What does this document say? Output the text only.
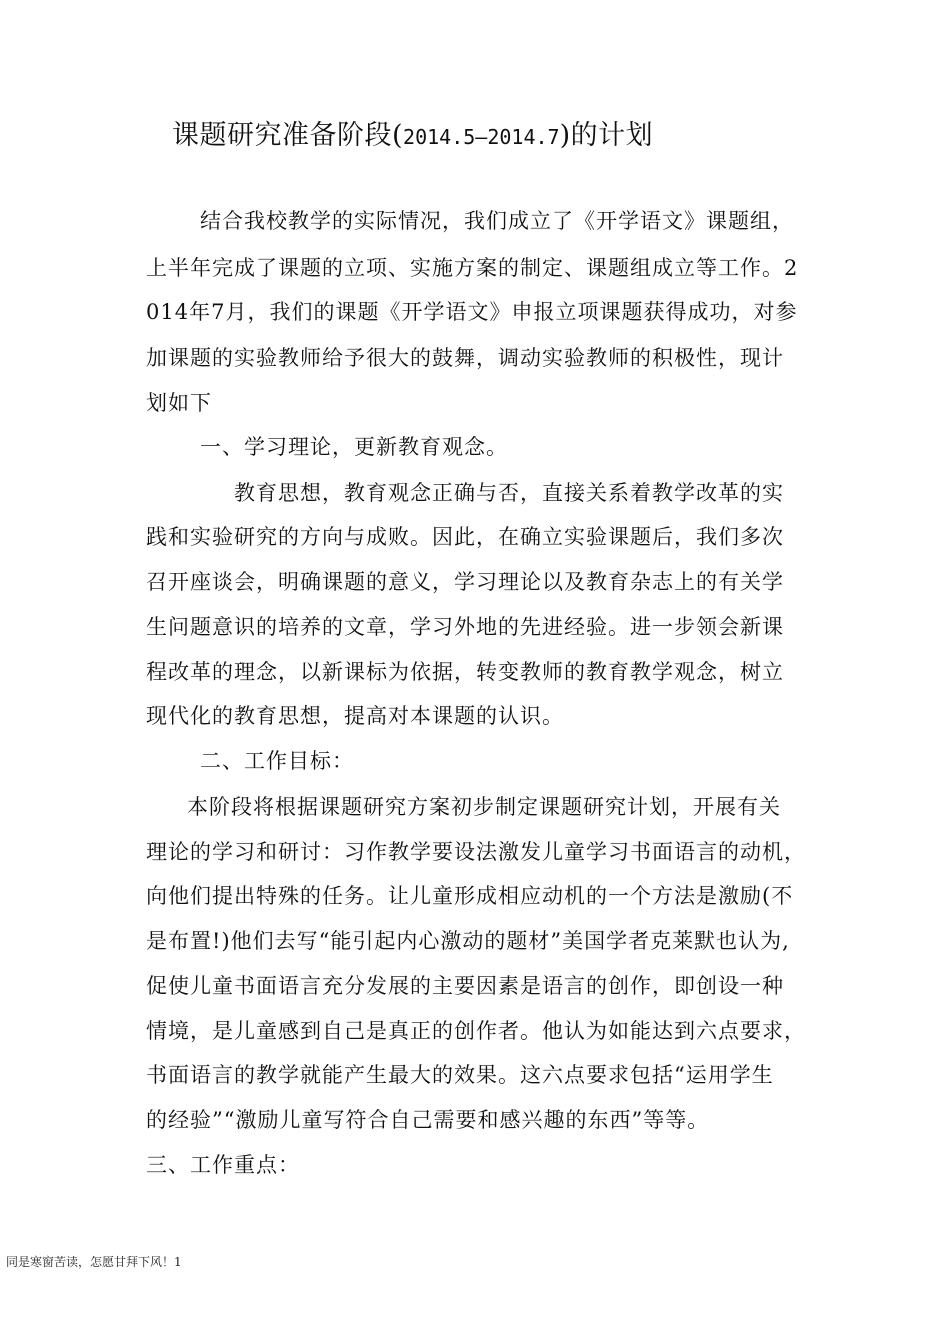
课题研究准备阶段(2014.5—2014.7)的计划
结合我校教学的实际情况，我们成立了《开学语文》课题组，
上半年完成了课题的立项、实施方案的制定、课题组成立等工作。2
014年7月，我们的课题《开学语文》申报立项课题获得成功，对参
加课题的实验教师给予很大的鼓舞，调动实验教师的积极性，现计
划如下
一、学习理论，更新教育观念。
教育思想，教育观念正确与否，直接关系着教学改革的实
践和实验研究的方向与成败。因此，在确立实验课题后，我们多次
召开座谈会，明确课题的意义，学习理论以及教育杂志上的有关学
生问题意识的培养的文章，学习外地的先进经验。进一步领会新课
程改革的理念，以新课标为依据，转变教师的教育教学观念，树立
现代化的教育思想，提高对本课题的认识。
二、工作目标：
本阶段将根据课题研究方案初步制定课题研究计划，开展有关
理论的学习和研讨：习作教学要设法激发儿童学习书面语言的动机，
向他们提出特殊的任务。让儿童形成相应动机的一个方法是激励(不
是布置!)他们去写“能引起内心激动的题材”美国学者克莱默也认为,
促使儿童书面语言充分发展的主要因素是语言的创作，即创设一种
情境，是儿童感到自己是真正的创作者。他认为如能达到六点要求，
书面语言的教学就能产生最大的效果。这六点要求包括“运用学生
的经验”“激励儿童写符合自己需要和感兴趣的东西”等等。
三、工作重点：
同是寒窗苦读，怎愿甘拜下风！1
